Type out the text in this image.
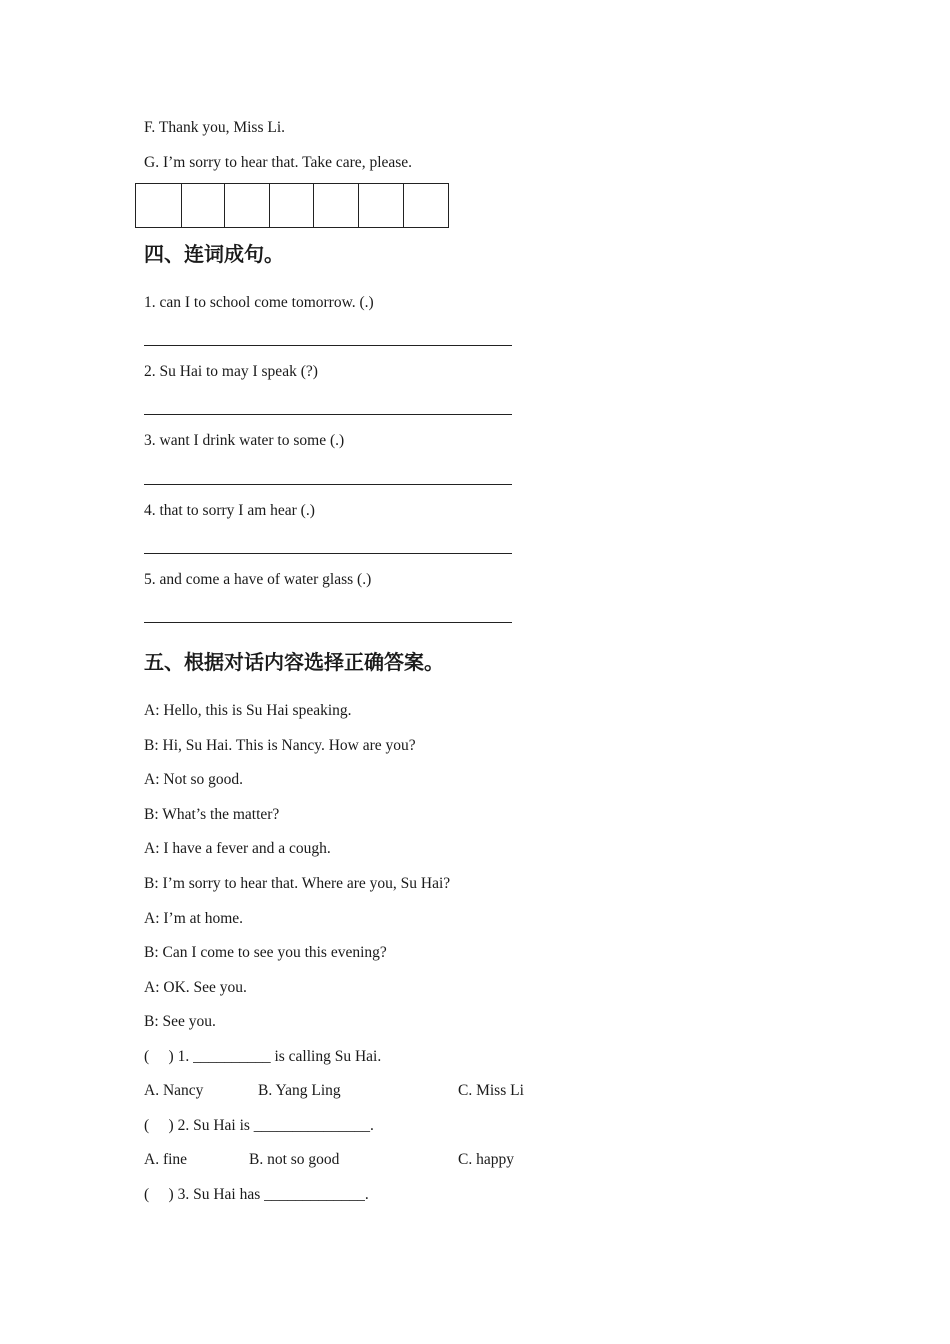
F. Thank you, Miss Li.
G. I’m sorry to hear that. Take care, please.
四、连词成句。
1. can I to school come tomorrow. (.)
2. Su Hai to may I speak (?)
3. want I drink water to some (.)
4. that to sorry I am hear (.)
5. and come a have of water glass (.)
五、根据对话内容选择正确答案。
A: Hello, this is Su Hai speaking.
B: Hi, Su Hai. This is Nancy. How are you?
A: Not so good.
B: What’s the matter?
A: I have a fever and a cough.
B: I’m sorry to hear that. Where are you, Su Hai?
A: I’m at home.
B: Can I come to see you this evening?
A: OK. See you.
B: See you.
(     ) 1. __________ is calling Su Hai.
A. Nancy	B. Yang Ling	C. Miss Li
(     ) 2. Su Hai is _______________.
A. fine	B. not so good	C. happy
(     ) 3. Su Hai has _____________.
